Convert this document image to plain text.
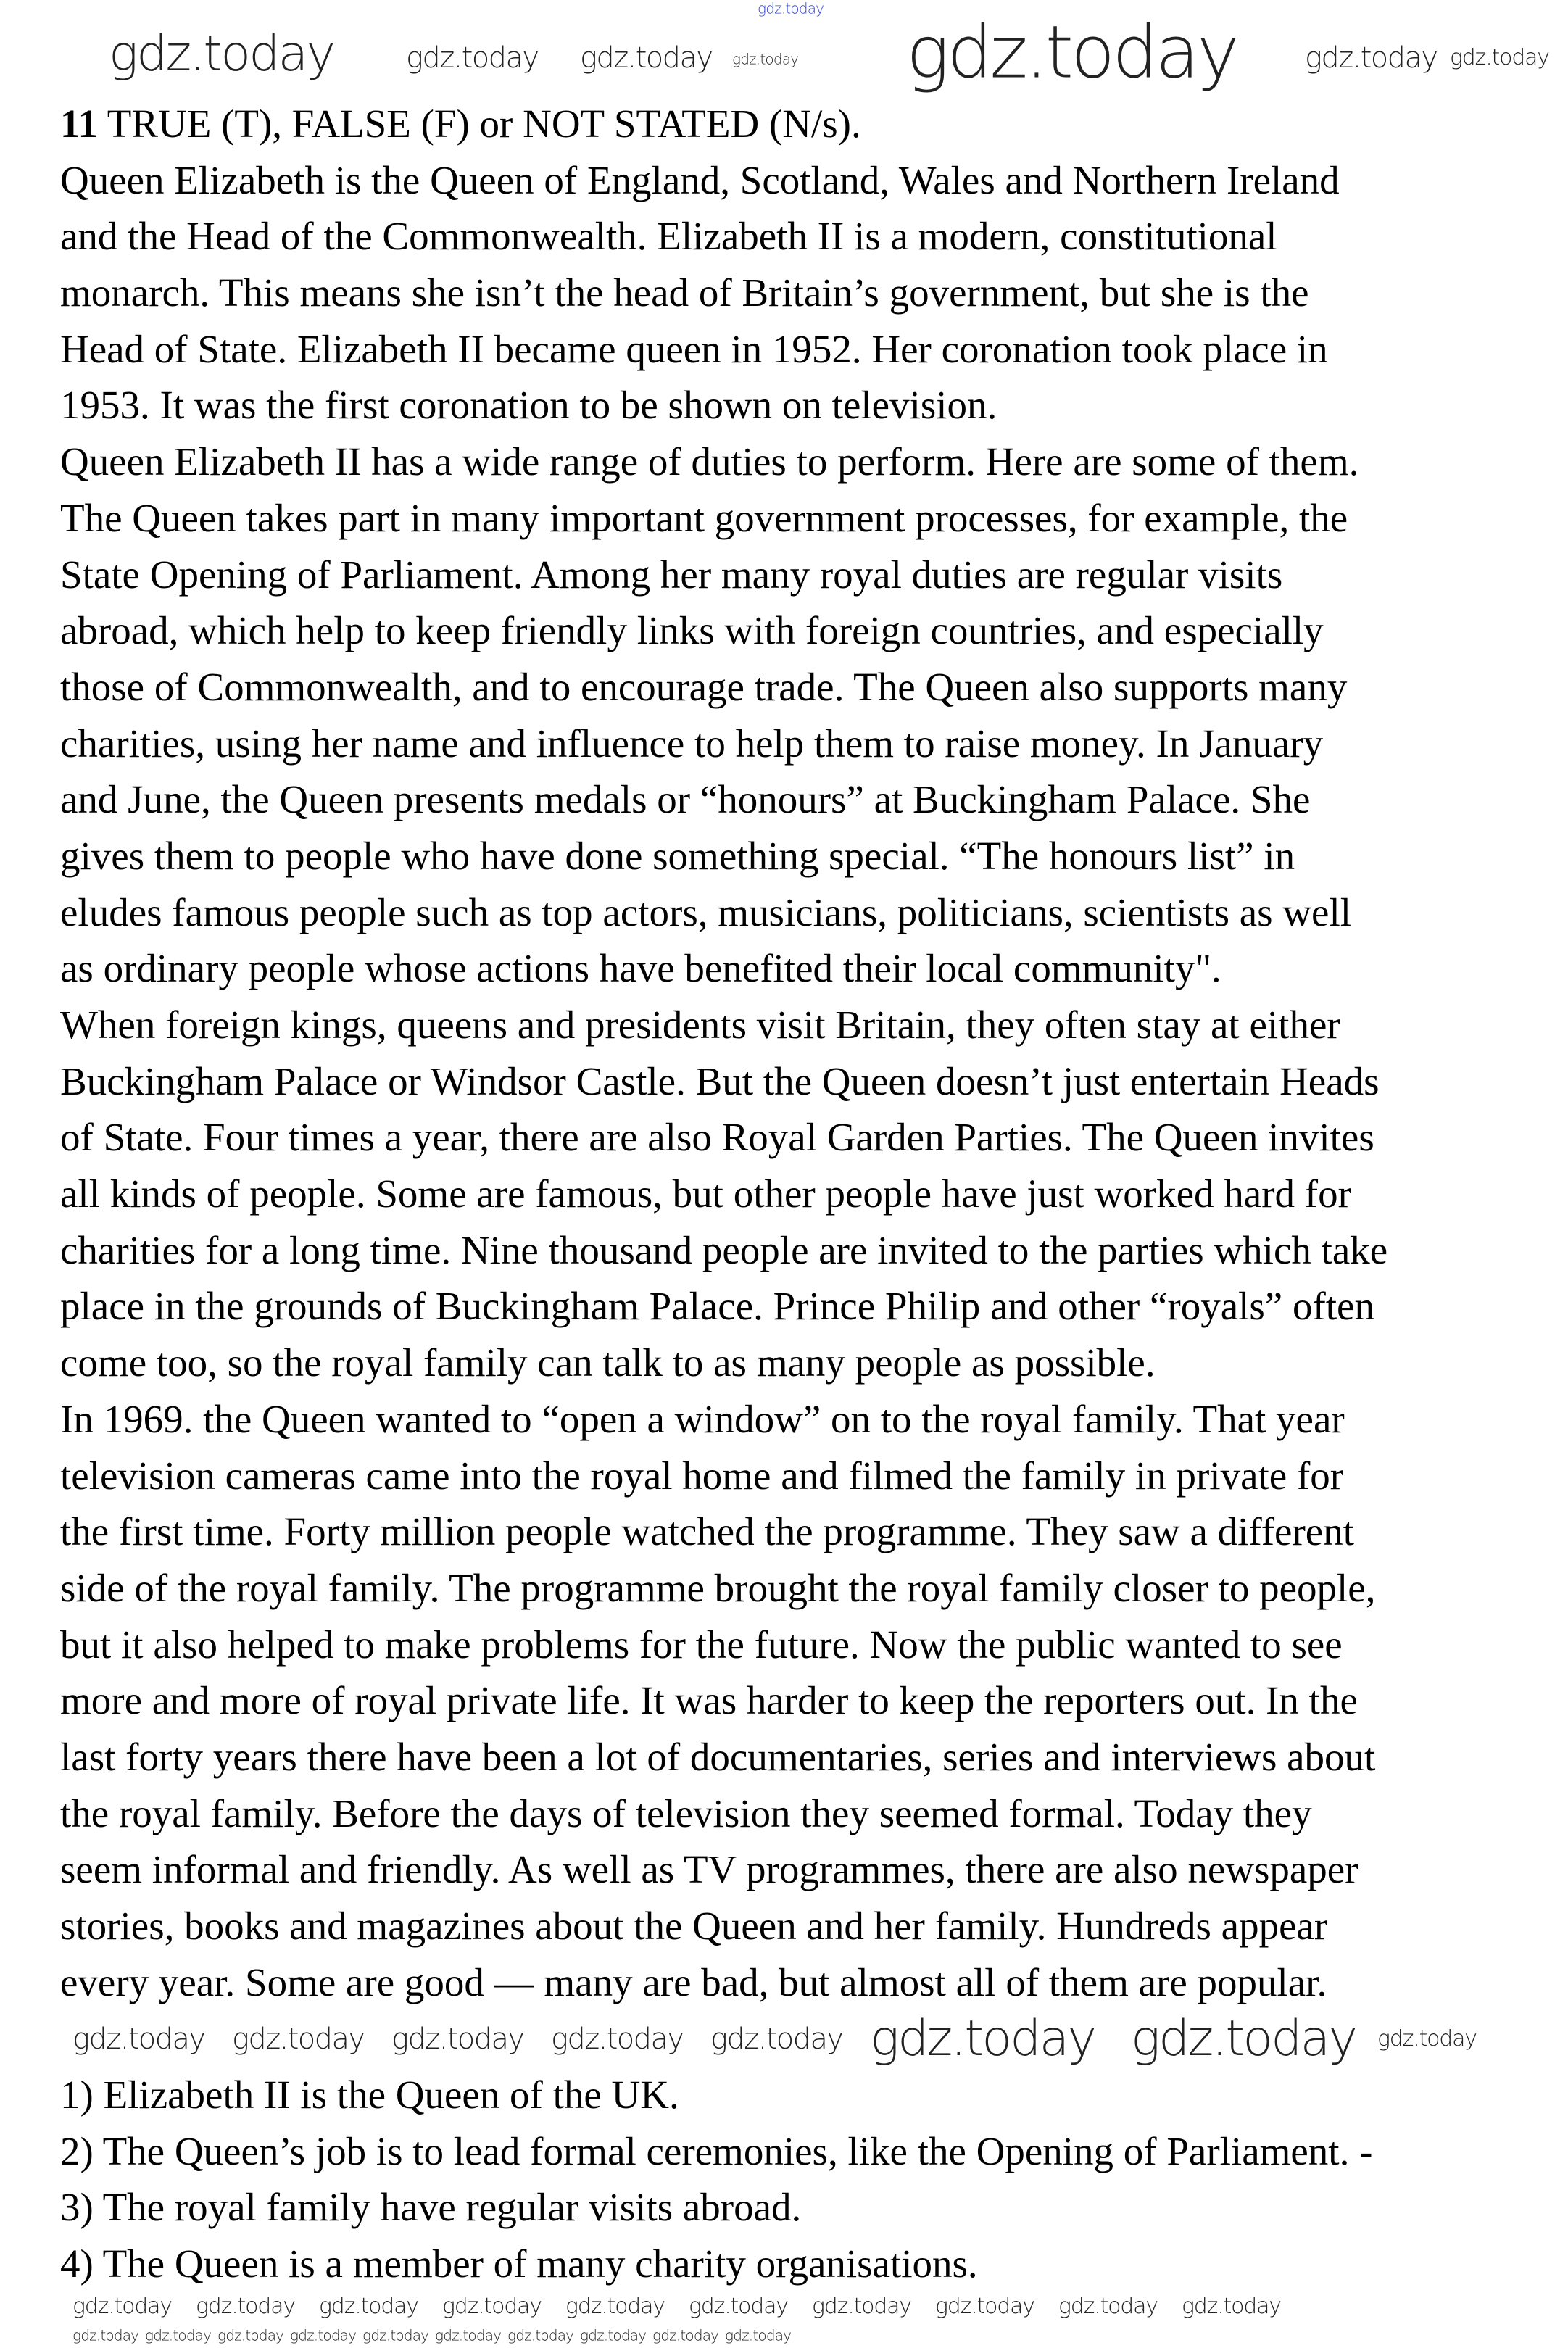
gdz.today
11 TRUE (T), FALSE (F) or NOT STATED (N/s).
Queen Elizabeth is the Queen of England, Scotland, Wales and Northern Ireland
and the Head of the Commonwealth. Elizabeth II is a modern, constitutional
monarch. This means she isn’t the head of Britain’s government, but she is the
Head of State. Elizabeth II became queen in 1952. Her coronation took place in
1953. It was the first coronation to be shown on television.
Queen Elizabeth II has a wide range of duties to perform. Here are some of them.
The Queen takes part in many important government processes, for example, the
State Opening of Parliament. Among her many royal duties are regular visits
abroad, which help to keep friendly links with foreign countries, and especially
those of Commonwealth, and to encourage trade. The Queen also supports many
charities, using her name and influence to help them to raise money. In January
and June, the Queen presents medals or “honours” at Buckingham Palace. She
gives them to people who have done something special. “The honours list” in
eludes famous people such as top actors, musicians, politicians, scientists as well
as ordinary people whose actions have benefited their local community".
When foreign kings, queens and presidents visit Britain, they often stay at either
Buckingham Palace or Windsor Castle. But the Queen doesn’t just entertain Heads
of State. Four times a year, there are also Royal Garden Parties. The Queen invites
all kinds of people. Some are famous, but other people have just worked hard for
charities for a long time. Nine thousand people are invited to the parties which take
place in the grounds of Buckingham Palace. Prince Philip and other “royals” often
come too, so the royal family can talk to as many people as possible.
In 1969. the Queen wanted to “open a window” on to the royal family. That year
television cameras came into the royal home and filmed the family in private for
the first time. Forty million people watched the programme. They saw a different
side of the royal family. The programme brought the royal family closer to people,
but it also helped to make problems for the future. Now the public wanted to see
more and more of royal private life. It was harder to keep the reporters out. In the
last forty years there have been a lot of documentaries, series and interviews about
the royal family. Before the days of television they seemed formal. Today they
seem informal and friendly. As well as TV programmes, there are also newspaper
stories, books and magazines about the Queen and her family. Hundreds appear
every year. Some are good — many are bad, but almost all of them are popular.
1) Elizabeth II is the Queen of the UK.
2) The Queen’s job is to lead formal ceremonies, like the Opening of Parliament. -
3) The royal family have regular visits abroad.
4) The Queen is a member of many charity organisations.
gdz.today	gdz.today
gdz.today gdz.today	gdz.today gdz.today
gdz.today
gdz.today gdz.today gdz.today gdz.today gdz.today gdz.today gdz.today gdz.today
gdz.today gdz.today gdz.today gdz.today gdz.today gdz.today gdz.today gdz.today gdz.today gdz.today
gdz.today gdz.today gdz.today gdz.today gdz.today gdz.today gdz.today gdz.today gdz.today gdz.today
